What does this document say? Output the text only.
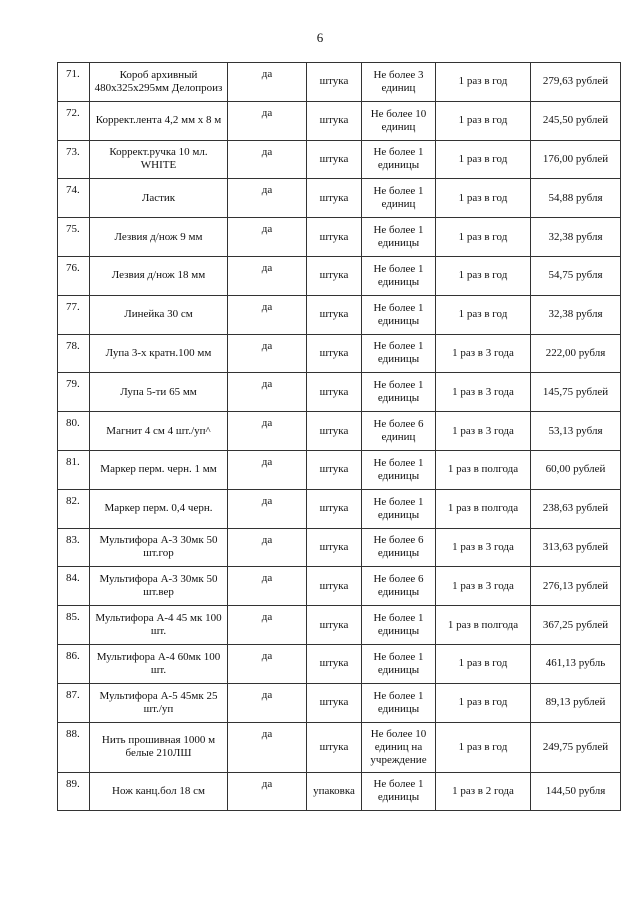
6
71.	Короб архивный 480х325х295мм Делопроиз	да	штука	Не более 3 единиц	1 раз в год	279,63 рублей
72.	Коррект.лента 4,2 мм х 8 м	да	штука	Не более 10 единиц	1 раз в год	245,50 рублей
73.	Коррект.ручка 10 мл. WHITE	да	штука	Не более 1 единицы	1 раз в год	176,00 рублей
74.	Ластик	да	штука	Не более 1 единиц	1 раз в год	54,88 рубля
75.	Лезвия д/нож 9 мм	да	штука	Не более 1 единицы	1 раз в год	32,38 рубля
76.	Лезвия д/нож 18 мм	да	штука	Не более 1 единицы	1 раз в год	54,75 рубля
77.	Линейка 30 см	да	штука	Не более 1 единицы	1 раз в год	32,38 рубля
78.	Лупа 3-х кратн.100 мм	да	штука	Не более 1 единицы	1 раз в 3 года	222,00 рубля
79.	Лупа 5-ти 65 мм	да	штука	Не более 1 единицы	1 раз в 3 года	145,75 рублей
80.	Магнит 4 см 4 шт./уп^	да	штука	Не более 6 единиц	1 раз в 3 года	53,13 рубля
81.	Маркер перм. черн. 1 мм	да	штука	Не более 1 единицы	1 раз в полгода	60,00 рублей
82.	Маркер перм. 0,4 черн.	да	штука	Не более 1 единицы	1 раз в полгода	238,63 рублей
83.	Мультифора А-3 30мк 50 шт.гор	да	штука	Не более 6 единицы	1 раз в 3 года	313,63 рублей
84.	Мультифора А-3 30мк 50 шт.вер	да	штука	Не более 6 единицы	1 раз в 3 года	276,13 рублей
85.	Мультифора А-4 45 мк 100 шт.	да	штука	Не более 1 единицы	1 раз в полгода	367,25 рублей
86.	Мультифора А-4 60мк 100 шт.	да	штука	Не более 1 единицы	1 раз в год	461,13 рубль
87.	Мультифора А-5 45мк 25 шт./уп	да	штука	Не более 1 единицы	1 раз в год	89,13 рублей
88.	Нить прошивная 1000 м белые 210ЛШ	да	штука	Не более 10 единиц на учреждение	1 раз в год	249,75 рублей
89.	Нож канц.бол 18 см	да	упаковка	Не более 1 единицы	1 раз в 2 года	144,50 рубля
